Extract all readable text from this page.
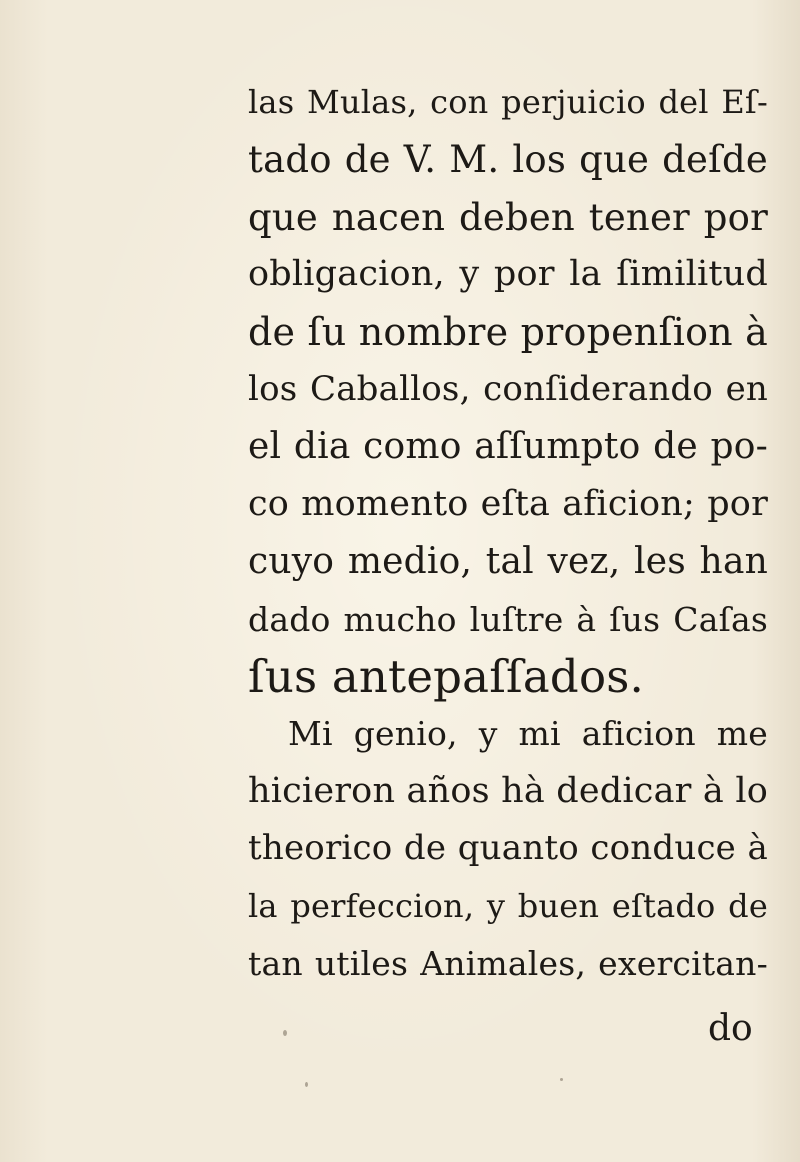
las Mulas, con perjuicio del Eſ-
tado de V. M. los que deſde
que nacen deben tener por
obligacion, y por la ſimilitud
de ſu nombre propenſion à
los Caballos, conſiderando en
el dia como aſſumpto de po-
co momento eſta aficion; por
cuyo medio, tal vez, les han
dado mucho luſtre à ſus Caſas
ſus antepaſſados.
Mi genio, y mi aficion me
hicieron años hà dedicar à lo
theorico de quanto conduce à
la perfeccion, y buen eſtado de
tan utiles Animales, exercitan-
do
